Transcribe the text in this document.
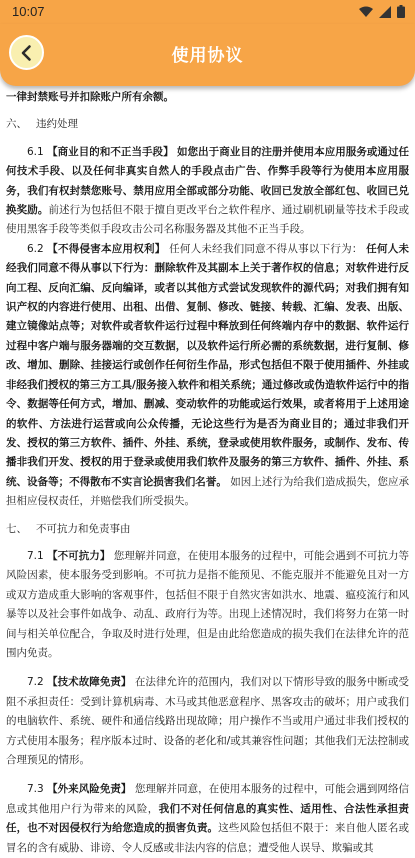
10:07
使用协议

一律封禁账号并扣除账户所有余额。

六、 违约处理

6.1 【商业目的和不正当手段】 如您出于商业目的注册并使用本应用服务或通过任何技术手段、以及任何非真实自然人的手段点击广告、作弊手段等行为使用本应用服务，我们有权封禁您账号、禁用应用全部或部分功能、收回已发放全部红包、收回已兑换奖励。前述行为包括但不限于擅自更改平台之软件程序、通过刷机刷量等技术手段或使用黑客手段等类似手段攻击公司名称服务器及其他不正当手段。

6.2 【不得侵害本应用权利】 任何人未经我们同意不得从事以下行为： 任何人未经我们同意不得从事以下行为：删除软件及其副本上关于著作权的信息；对软件进行反向工程、反向汇编、反向编译，或者以其他方式尝试发现软件的源代码；对我们拥有知识产权的内容进行使用、出租、出借、复制、修改、链接、转载、汇编、发表、出版、建立镜像站点等；对软件或者软件运行过程中释放到任何终端内存中的数据、软件运行过程中客户端与服务器端的交互数据，以及软件运行所必需的系统数据，进行复制、修改、增加、删除、挂接运行或创作任何衍生作品，形式包括但不限于使用插件、外挂或非经我们授权的第三方工具/服务接入软件和相关系统；通过修改或伪造软件运行中的指令、数据等任何方式，增加、删减、变动软件的功能或运行效果，或者将用于上述用途的软件、方法进行运营或向公众传播，无论这些行为是否为商业目的；通过非我们开发、授权的第三方软件、插件、外挂、系统，登录或使用软件服务，或制作、发布、传播非我们开发、授权的用于登录或使用我们软件及服务的第三方软件、插件、外挂、系统、设备等；不得散布不实言论损害我们名誉。 如因上述行为给我们造成损失，您应承担相应侵权责任，并赔偿我们所受损失。

七、 不可抗力和免责事由

7.1 【不可抗力】 您理解并同意，在使用本服务的过程中，可能会遇到不可抗力等风险因素，使本服务受到影响。不可抗力是指不能预见、不能克服并不能避免且对一方或双方造成重大影响的客观事件，包括但不限于自然灾害如洪水、地震、瘟疫流行和风暴等以及社会事件如战争、动乱、政府行为等。出现上述情况时，我们将努力在第一时间与相关单位配合，争取及时进行处理，但是由此给您造成的损失我们在法律允许的范围内免责。

7.2 【技术故障免责】 在法律允许的范围内，我们对以下情形导致的服务中断或受阻不承担责任：受到计算机病毒、木马或其他恶意程序、黑客攻击的破坏；用户或我们的电脑软件、系统、硬件和通信线路出现故障；用户操作不当或用户通过非我们授权的方式使用本服务；程序版本过时、设备的老化和/或其兼容性问题；其他我们无法控制或合理预见的情形。

7.3 【外来风险免责】 您理解并同意，在使用本服务的过程中，可能会遇到网络信息或其他用户行为带来的风险，我们不对任何信息的真实性、适用性、合法性承担责任，也不对因侵权行为给您造成的损害负责。这些风险包括但不限于：来自他人匿名或冒名的含有威胁、诽谤、令人反感或非法内容的信息；遭受他人误导、欺骗或其
